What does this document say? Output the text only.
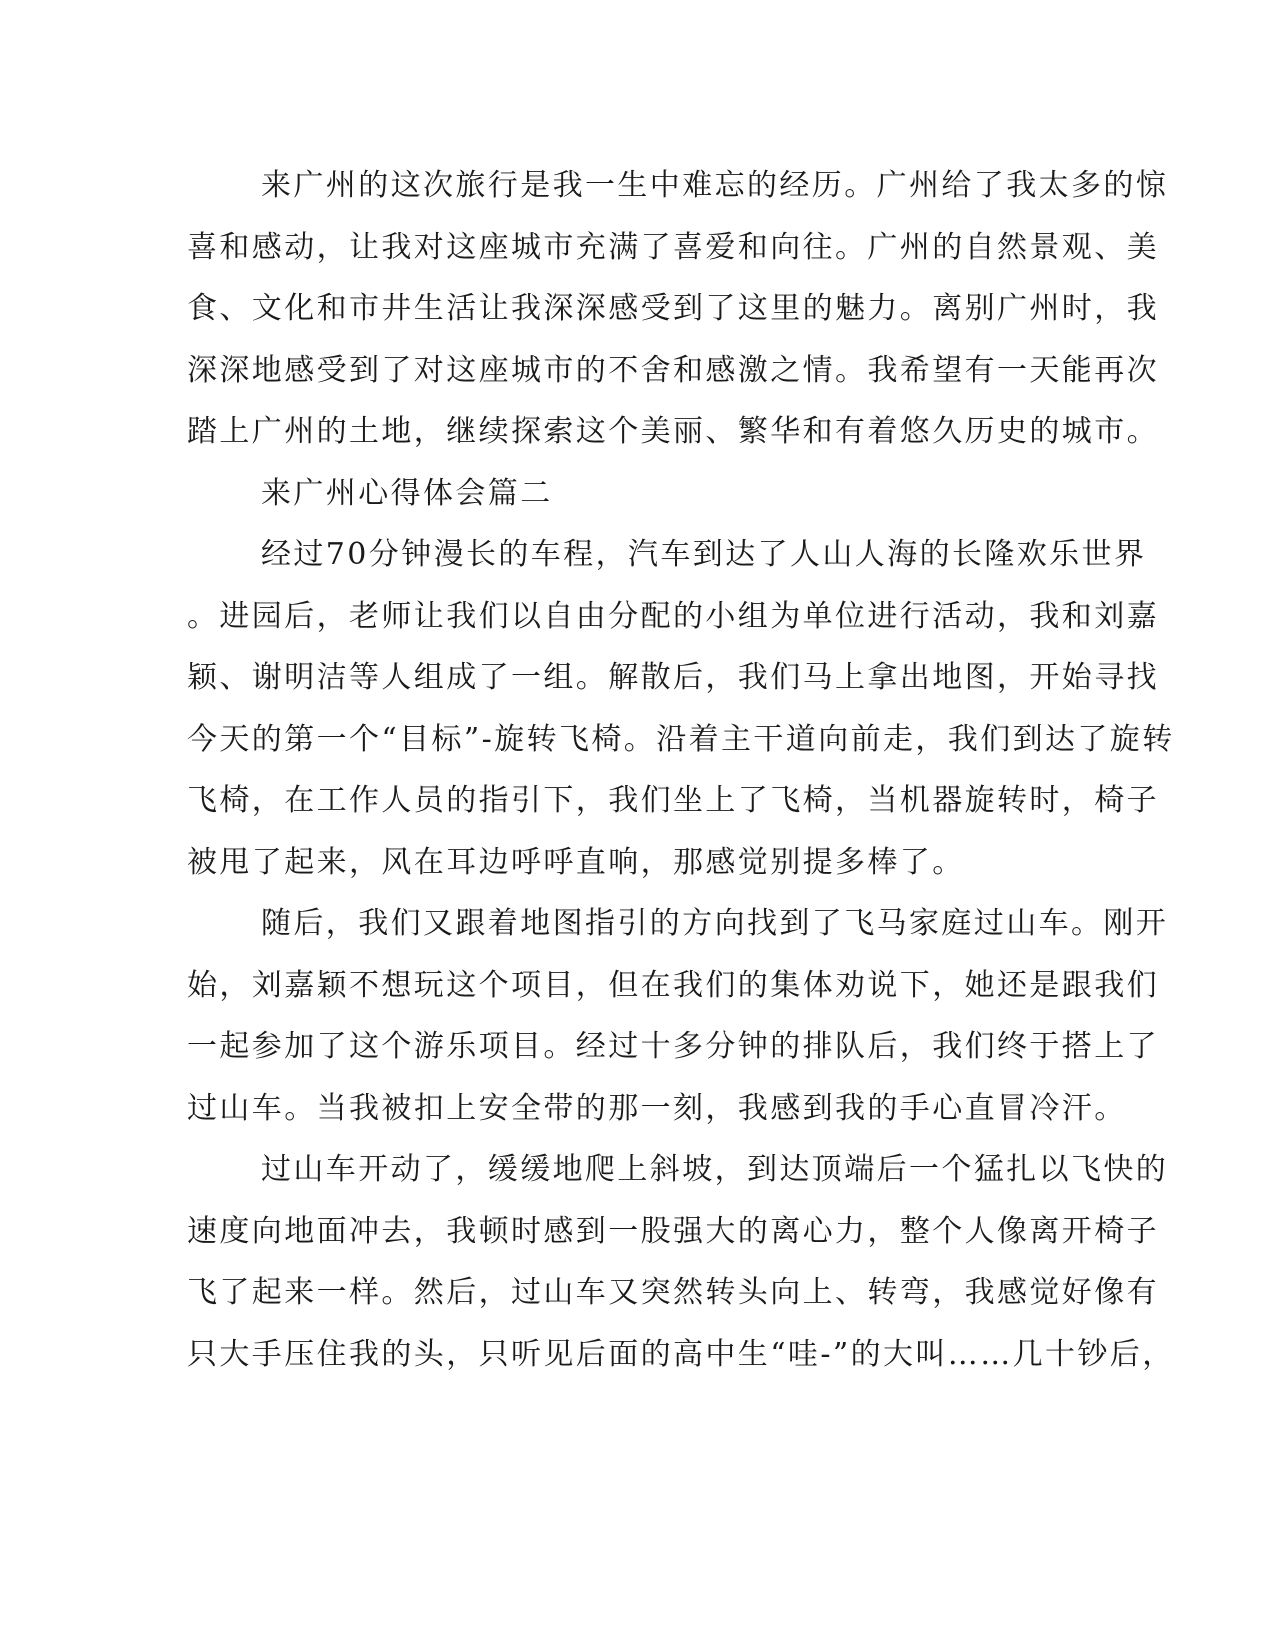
来广州的这次旅行是我一生中难忘的经历。广州给了我太多的惊
喜和感动，让我对这座城市充满了喜爱和向往。广州的自然景观、美
食、文化和市井生活让我深深感受到了这里的魅力。离别广州时，我
深深地感受到了对这座城市的不舍和感激之情。我希望有一天能再次
踏上广州的土地，继续探索这个美丽、繁华和有着悠久历史的城市。
来广州心得体会篇二
经过70分钟漫长的车程，汽车到达了人山人海的长隆欢乐世界
。进园后，老师让我们以自由分配的小组为单位进行活动，我和刘嘉
颖、谢明洁等人组成了一组。解散后，我们马上拿出地图，开始寻找
今天的第一个“目标”-旋转飞椅。沿着主干道向前走，我们到达了旋转
飞椅，在工作人员的指引下，我们坐上了飞椅，当机器旋转时，椅子
被甩了起来，风在耳边呼呼直响，那感觉别提多棒了。
随后，我们又跟着地图指引的方向找到了飞马家庭过山车。刚开
始，刘嘉颖不想玩这个项目，但在我们的集体劝说下，她还是跟我们
一起参加了这个游乐项目。经过十多分钟的排队后，我们终于搭上了
过山车。当我被扣上安全带的那一刻，我感到我的手心直冒冷汗。
过山车开动了，缓缓地爬上斜坡，到达顶端后一个猛扎以飞快的
速度向地面冲去，我顿时感到一股强大的离心力，整个人像离开椅子
飞了起来一样。然后，过山车又突然转头向上、转弯，我感觉好像有
只大手压住我的头，只听见后面的高中生“哇-”的大叫……几十钞后，
